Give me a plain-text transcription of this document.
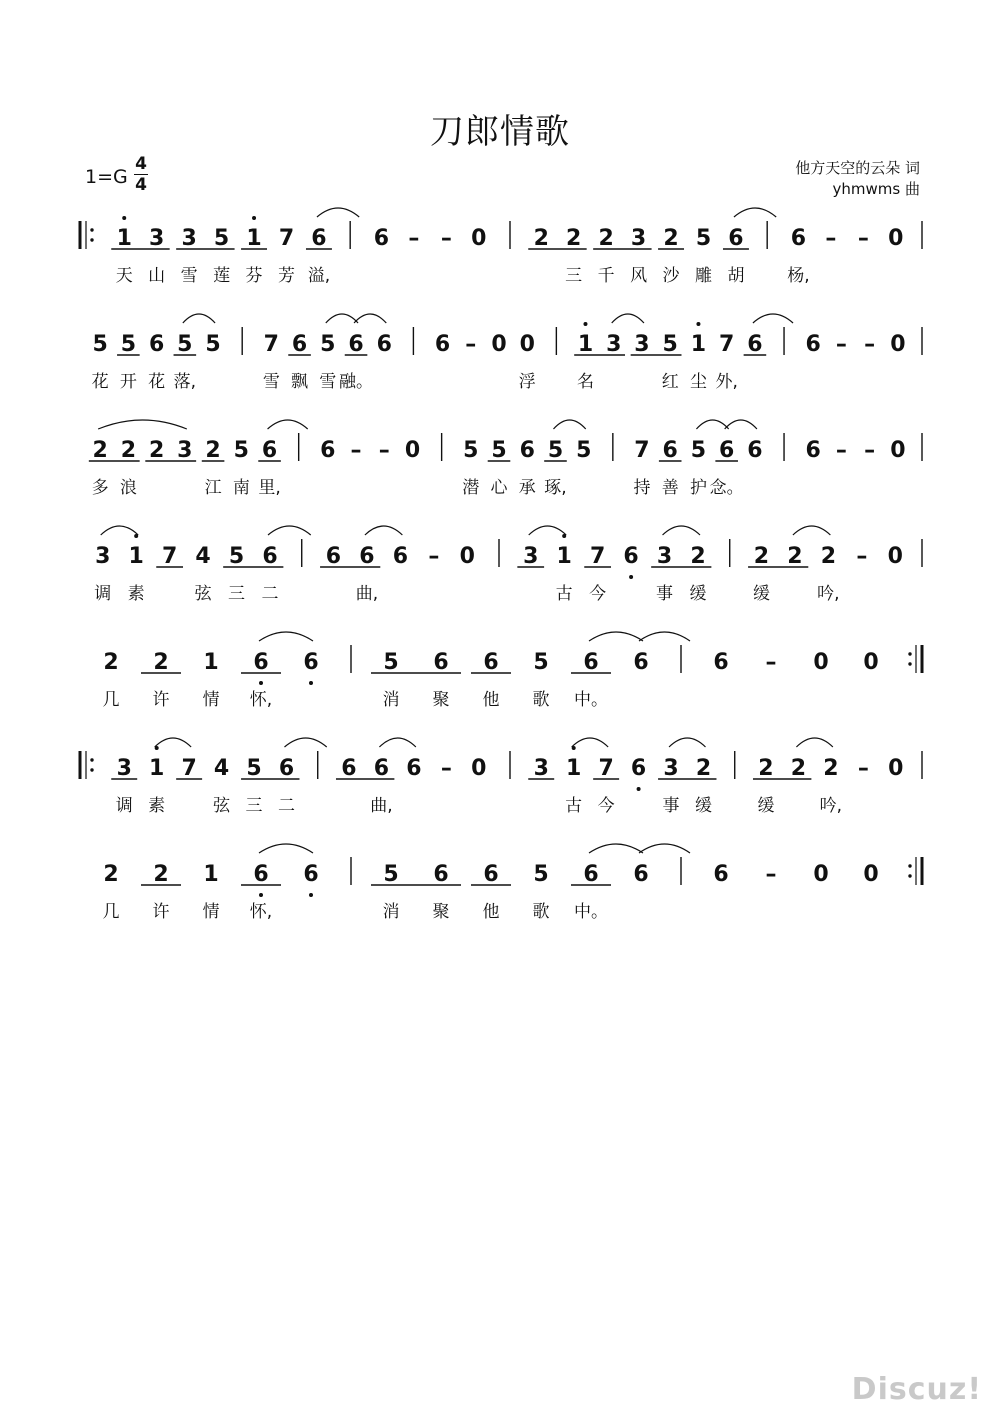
刀郎情歌
1=G
4
4
他方天空的云朵 词
yhmwms 曲
1 3 3 5 1 7 6 6 – – 0 2 2 2 3 2 5 6 6 – – 0
天 山 雪 莲 芬 芳 溢,	三 千 风 沙 雕 胡	杨,
5 5 6 5 5 7 6 5 6 6 6 – 0 0 1 3 3 5 1 7 6 6 – – 0
花 开 花 落,	雪 飘 雪 融。	浮 名	红 尘 外,
2 2 2 3 2 5 6 6 – – 0 5 5 6 5 5 7 6 5 6 6 6 – – 0
多 浪	江 南 里,	潜 心 承 琢,	持 善 护 念。
3 1 7 4 5 6 6 6 6 – 0 3 1 7 6 3 2 2 2 2 – 0
调 素	弦 三 二	曲,	古 今	事 缓	缓	吟,
2 2 1 6 6	5 6 6 5 6 6	6 – 0 0
几 许 情 怀,	消 聚 他 歌 中。
3 1 7 4 5 6 6 6 6 – 0 3 1 7 6 3 2 2 2 2 – 0
调 素	弦 三 二	曲,	古 今	事 缓	缓	吟,
2 2 1 6 6	5 6 6 5 6 6	6 – 0 0
几 许 情 怀,	消 聚 他 歌 中。
Discuz!
